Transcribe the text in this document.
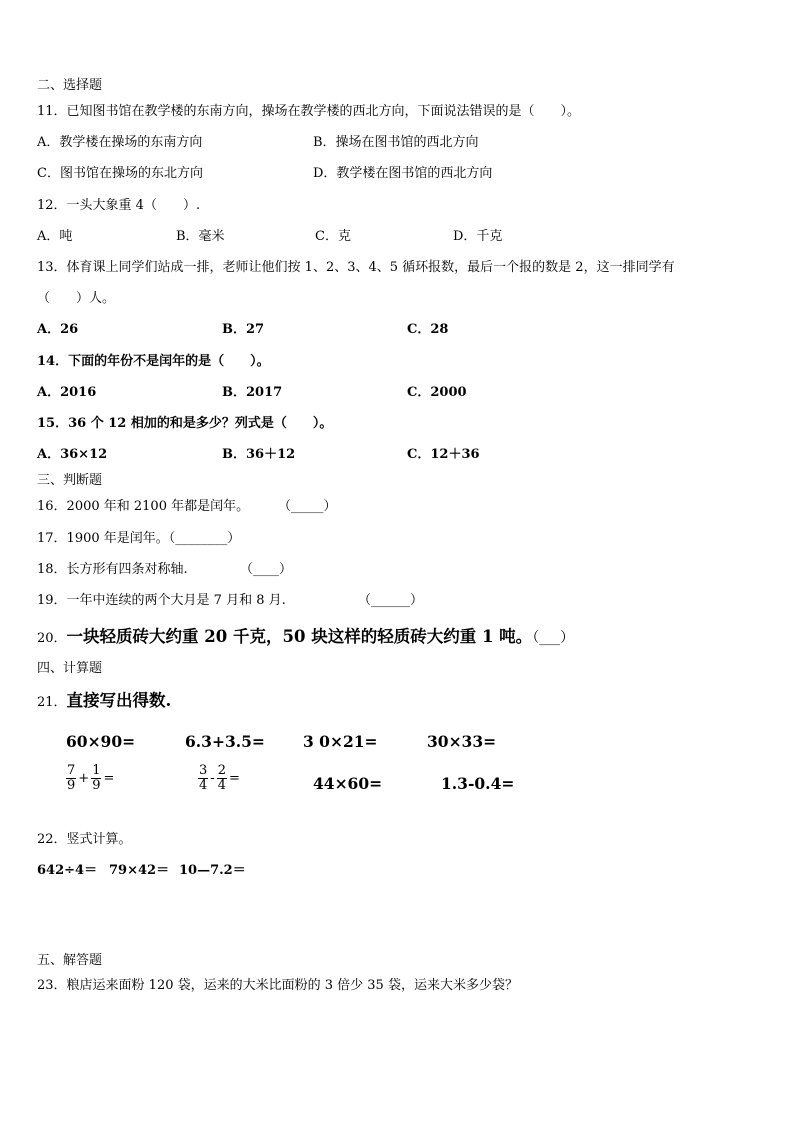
二、选择题
11．已知图书馆在教学楼的东南方向，操场在教学楼的西北方向，下面说法错误的是（　　）。
A．教学楼在操场的东南方向	B．操场在图书馆的西北方向
C．图书馆在操场的东北方向	D．教学楼在图书馆的西北方向
12．一头大象重 4（　　）.
A．吨	B．毫米	C．克	D．千克
13．体育课上同学们站成一排，老师让他们按 1、2、3、4、5 循环报数，最后一个报的数是 2，这一排同学有
（　　）人。
A．26	B．27	C．28
14．下面的年份不是闰年的是（　　）。
A．2016	B．2017	C．2000
15．36 个 12 相加的和是多少？列式是（　　）。
A．36×12	B．36＋12	C．12＋36
三、判断题
16．2000 年和 2100 年都是闰年。 （_____）
17．1900 年是闰年。（________）
18．长方形有四条对称轴.	（____）
19．一年中连续的两个大月是 7 月和 8 月.	（______）
20．一块轻质砖大约重 20 千克，50 块这样的轻质砖大约重 1 吨。（___）
四、计算题
21．直接写出得数.
60×90=	6.3+3.5= 3 0×21=	30×33=
$\frac{7}{9} + \frac{1}{9}$ =	$\frac{3}{4} - \frac{2}{4}$ =	44×60=	1.3-0.4=
22．竖式计算。
642÷4＝ 79×42＝ 10—7.2＝
五、解答题
23．粮店运来面粉 120 袋，运来的大米比面粉的 3 倍少 35 袋，运来大米多少袋？
